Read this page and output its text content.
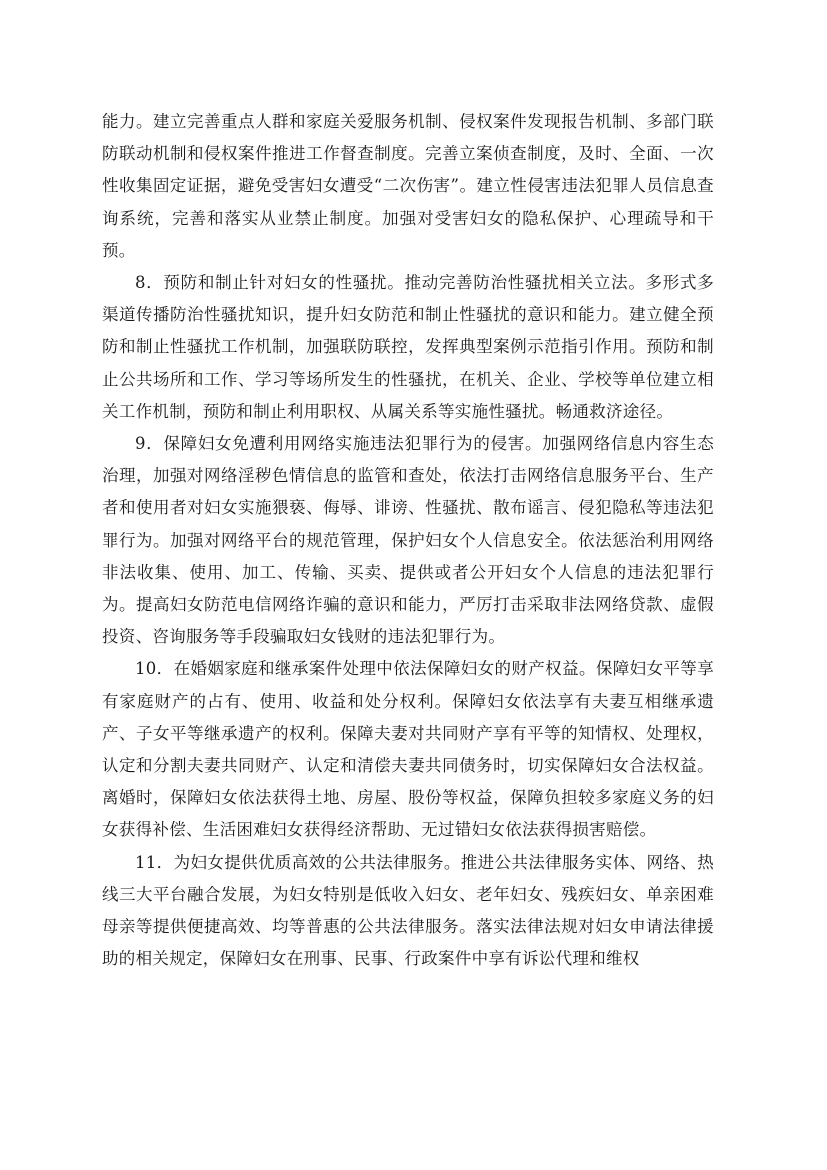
能力。建立完善重点人群和家庭关爱服务机制、侵权案件发现报告机制、多部门联防联动机制和侵权案件推进工作督查制度。完善立案侦查制度，及时、全面、一次性收集固定证据，避免受害妇女遭受“二次伤害”。建立性侵害违法犯罪人员信息查询系统，完善和落实从业禁止制度。加强对受害妇女的隐私保护、心理疏导和干预。

8．预防和制止针对妇女的性骚扰。推动完善防治性骚扰相关立法。多形式多渠道传播防治性骚扰知识，提升妇女防范和制止性骚扰的意识和能力。建立健全预防和制止性骚扰工作机制，加强联防联控，发挥典型案例示范指引作用。预防和制止公共场所和工作、学习等场所发生的性骚扰，在机关、企业、学校等单位建立相关工作机制，预防和制止利用职权、从属关系等实施性骚扰。畅通救济途径。

9．保障妇女免遭利用网络实施违法犯罪行为的侵害。加强网络信息内容生态治理，加强对网络淫秽色情信息的监管和查处，依法打击网络信息服务平台、生产者和使用者对妇女实施猥亵、侮辱、诽谤、性骚扰、散布谣言、侵犯隐私等违法犯罪行为。加强对网络平台的规范管理，保护妇女个人信息安全。依法惩治利用网络非法收集、使用、加工、传输、买卖、提供或者公开妇女个人信息的违法犯罪行为。提高妇女防范电信网络诈骗的意识和能力，严厉打击采取非法网络贷款、虚假投资、咨询服务等手段骗取妇女钱财的违法犯罪行为。

10．在婚姻家庭和继承案件处理中依法保障妇女的财产权益。保障妇女平等享有家庭财产的占有、使用、收益和处分权利。保障妇女依法享有夫妻互相继承遗产、子女平等继承遗产的权利。保障夫妻对共同财产享有平等的知情权、处理权，认定和分割夫妻共同财产、认定和清偿夫妻共同债务时，切实保障妇女合法权益。离婚时，保障妇女依法获得土地、房屋、股份等权益，保障负担较多家庭义务的妇女获得补偿、生活困难妇女获得经济帮助、无过错妇女依法获得损害赔偿。

11．为妇女提供优质高效的公共法律服务。推进公共法律服务实体、网络、热线三大平台融合发展，为妇女特别是低收入妇女、老年妇女、残疾妇女、单亲困难母亲等提供便捷高效、均等普惠的公共法律服务。落实法律法规对妇女申请法律援助的相关规定，保障妇女在刑事、民事、行政案件中享有诉讼代理和维权
